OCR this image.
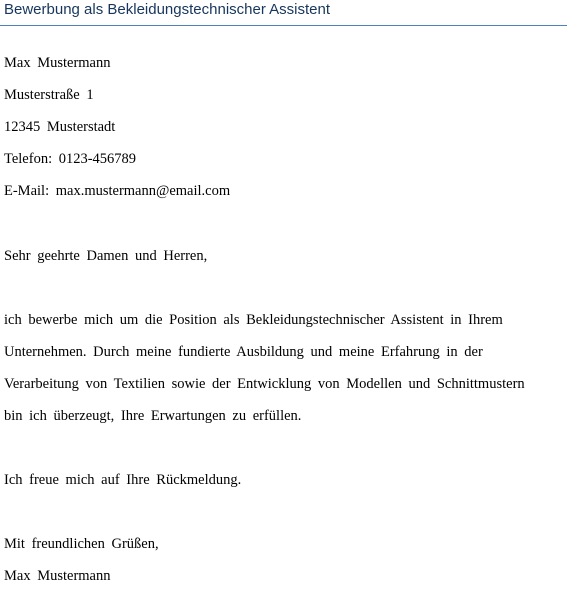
Bewerbung als Bekleidungstechnischer Assistent
Max Mustermann
Musterstraße 1
12345 Musterstadt
Telefon: 0123-456789
E-Mail: max.mustermann@email.com

Sehr geehrte Damen und Herren,

ich bewerbe mich um die Position als Bekleidungstechnischer Assistent in Ihrem
Unternehmen. Durch meine fundierte Ausbildung und meine Erfahrung in der
Verarbeitung von Textilien sowie der Entwicklung von Modellen und Schnittmustern
bin ich überzeugt, Ihre Erwartungen zu erfüllen.

Ich freue mich auf Ihre Rückmeldung.

Mit freundlichen Grüßen,
Max Mustermann
